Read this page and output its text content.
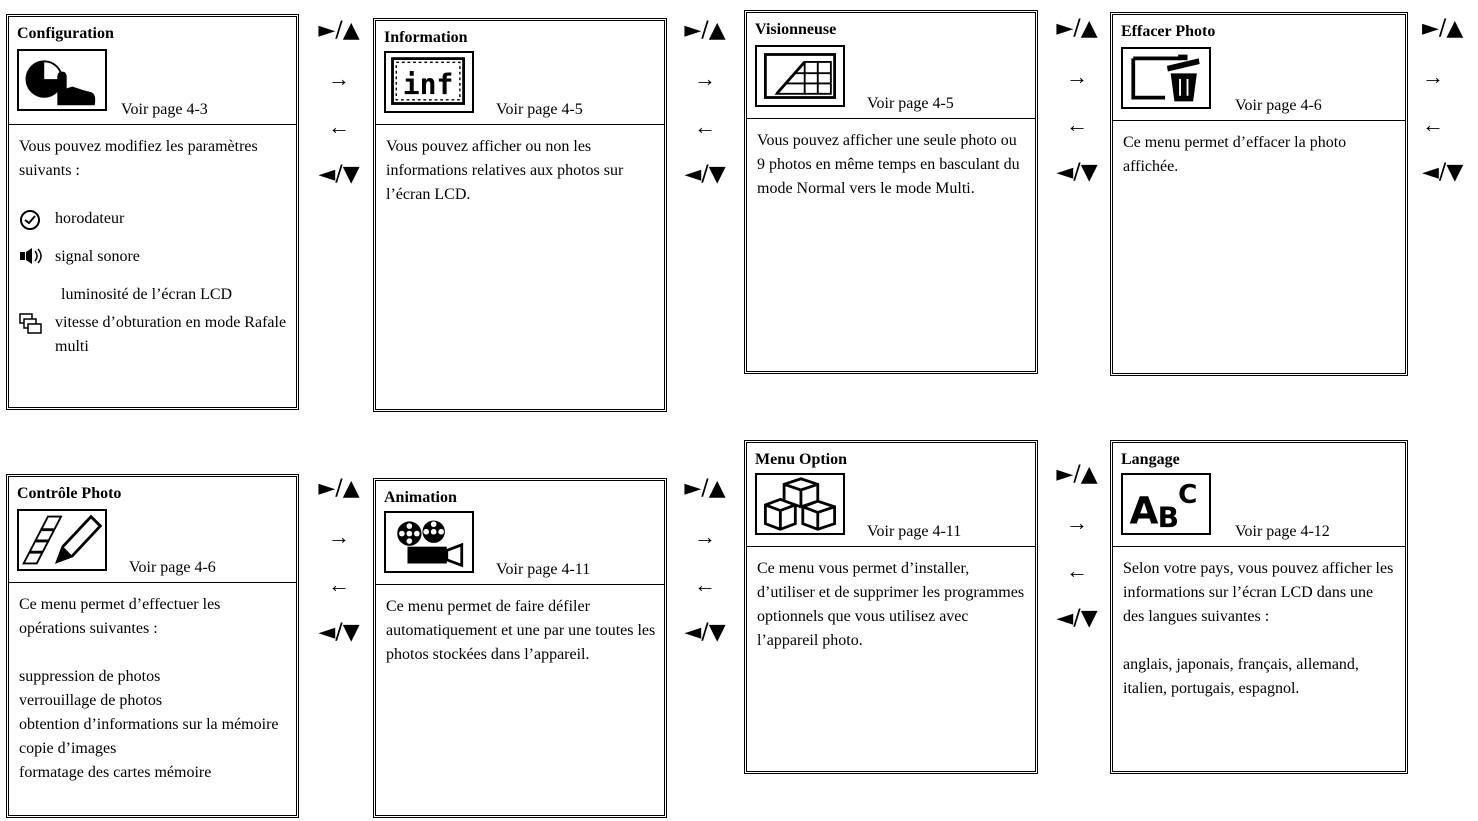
Configuration
Voir page 4-3

Vous pouvez modifiez les paramètres suivants :

horodateur
signal sonore
luminosité de l’écran LCD
vitesse d’obturation en mode Rafale multi
►/▲
→
←
◄/▼
Information
inf
Voir page 4-5

Vous pouvez afficher ou non les informations relatives aux photos sur l’écran LCD.

►/▲
→
←
◄/▼
Visionneuse
Voir page 4-5

Vous pouvez afficher une seule photo ou 9 photos en même temps en basculant du mode Normal vers le mode Multi.

►/▲
→
←
◄/▼
Effacer Photo
Voir page 4-6

Ce menu permet d’effacer la photo affichée.

►/▲
→
←
◄/▼
Contrôle Photo
Voir page 4-6

Ce menu permet d’effectuer les opérations suivantes :

suppression de photos
verrouillage de photos
obtention d’informations sur la mémoire
copie d’images
formatage des cartes mémoire
►/▲
→
←
◄/▼
Animation
Voir page 4-11

Ce menu permet de faire défiler automatiquement et une par une toutes les photos stockées dans l’appareil.

►/▲
→
←
◄/▼
Menu Option
Voir page 4-11

Ce menu vous permet d’installer, d’utiliser et de supprimer les programmes optionnels que vous utilisez avec l’appareil photo.

►/▲
→
←
◄/▼
Langage
A B
C
Voir page 4-12

Selon votre pays, vous pouvez afficher les informations sur l’écran LCD dans une des langues suivantes :

anglais, japonais, français, allemand, italien, portugais, espagnol.
